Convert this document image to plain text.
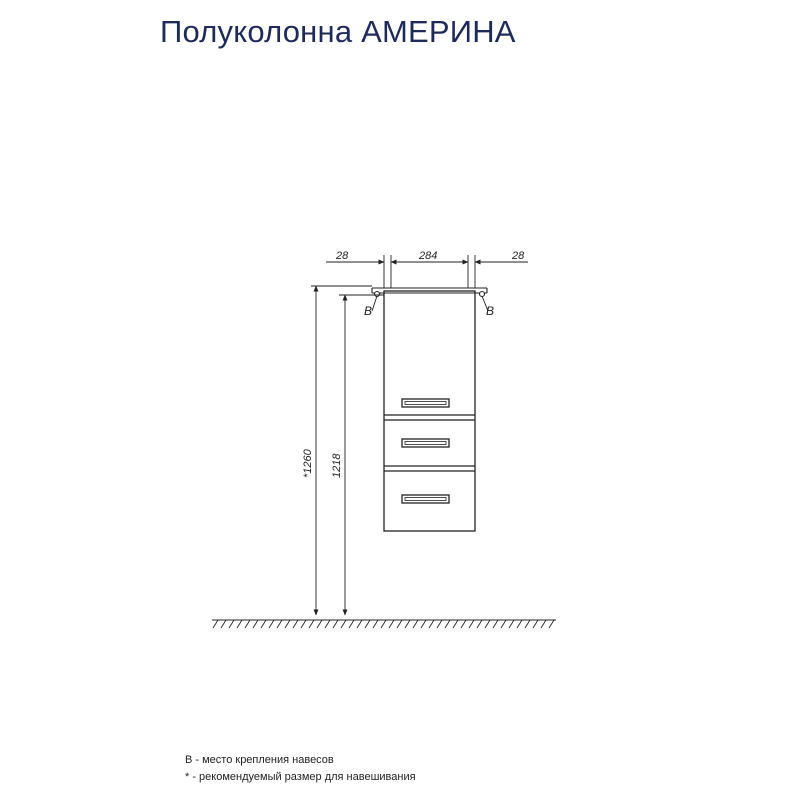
Полуколонна АМЕРИНА
B	B
28	284	28
*1260 1218
B - место крепления навесов
* - рекомендуемый размер для навешивания
